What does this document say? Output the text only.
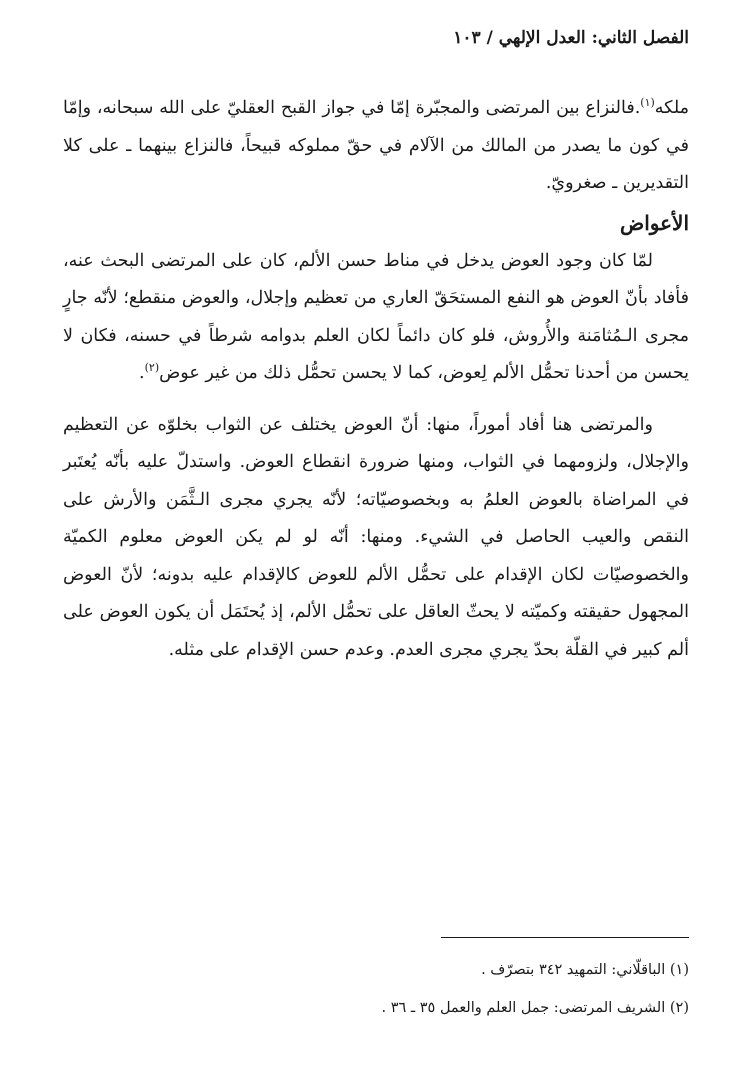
الفصل الثاني: العدل الإلهي / ١٠٣

ملكه$^{(١)}$.فالنزاع بين المرتضى والمجبّرة إمّا في جواز القبح العقليّ على الله سبحانه، وإمّا في كون ما يصدر من المالك من الآلام في حقّ مملوكه قبيحاً، فالنزاع بينهما ـ على كلا التقديرين ـ صغرويّ.

الأعواض

لمّا كان وجود العوض يدخل في مناط حسن الألم، كان على المرتضى البحث عنه، فأفاد بأنّ العوض هو النفع المستحَقّ العاري من تعظيم وإجلال، والعوض منقطع؛ لأنّه جارٍ مجرى الـمُثامَنة والأُروش، فلو كان دائماً لكان العلم بدوامه شرطاً في حسنه، فكان لا يحسن من أحدنا تحمُّل الألم لِعوض، كما لا يحسن تحمُّل ذلك من غير عوض$^{(٢)}$.

والمرتضى هنا أفاد أموراً، منها: أنّ العوض يختلف عن الثواب بخلوّه عن التعظيم والإجلال، ولزومهما في الثواب، ومنها ضرورة انقطاع العوض. واستدلّ عليه بأنّه يُعتَبر في المراضاة بالعوض العلمُ به وبخصوصيّاته؛ لأنّه يجري مجرى الـثَّمَن والأرش على النقص والعيب الحاصل في الشيء. ومنها: أنّه لو لم يكن العوض معلوم الكميّة والخصوصيّات لكان الإقدام على تحمُّل الألم للعوض كالإقدام عليه بدونه؛ لأنّ العوض المجهول حقيقته وكميّته لا يحثّ العاقل على تحمُّل الألم، إذ يُحتَمَل أن يكون العوض على ألم كبير في القلّة بحدّ يجري مجرى العدم. وعدم حسن الإقدام على مثله.

(١) الباقلّاني: التمهيد ٣٤٢ بتصرّف .

(٢) الشريف المرتضى: جمل العلم والعمل ٣٥ ـ ٣٦ .
